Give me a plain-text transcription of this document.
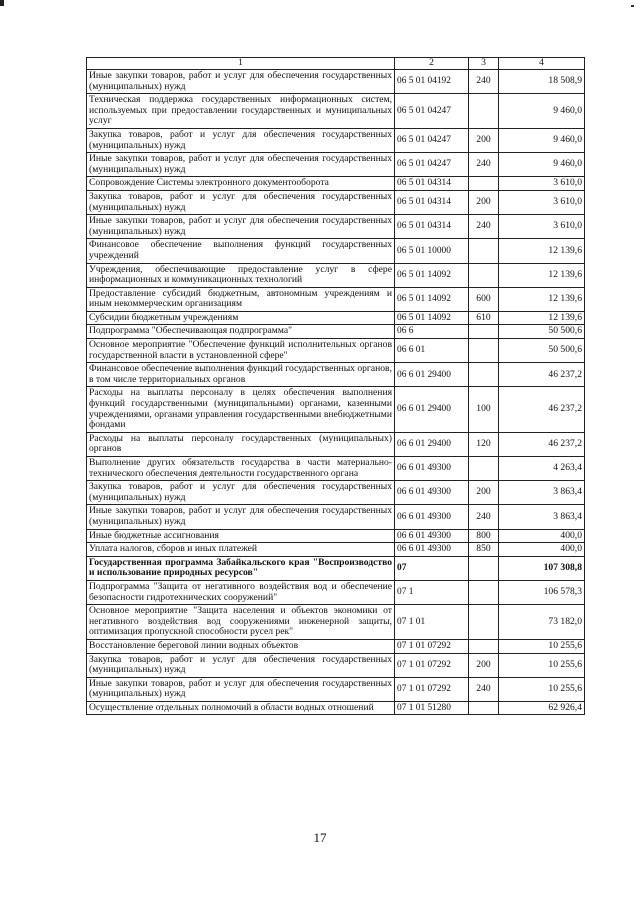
1	2	3	4
Иные закупки товаров, работ и услуг для обеспечения государственных (муниципальных) нужд	06 5 01 04192	240	18 508,9
Техническая поддержка государственных информационных систем, используемых при предоставлении государственных и муниципальных услуг	06 5 01 04247		9 460,0
Закупка товаров, работ и услуг для обеспечения государственных (муниципальных) нужд	06 5 01 04247	200	9 460,0
Иные закупки товаров, работ и услуг для обеспечения государственных (муниципальных) нужд	06 5 01 04247	240	9 460,0
Сопровождение Системы электронного документооборота	06 5 01 04314		3 610,0
Закупка товаров, работ и услуг для обеспечения государственных (муниципальных) нужд	06 5 01 04314	200	3 610,0
Иные закупки товаров, работ и услуг для обеспечения государственных (муниципальных) нужд	06 5 01 04314	240	3 610,0
Финансовое обеспечение выполнения функций государственных учреждений	06 5 01 10000		12 139,6
Учреждения, обеспечивающие предоставление услуг в сфере информационных и коммуникационных технологий	06 5 01 14092		12 139,6
Предоставление субсидий бюджетным, автономным учреждениям и иным некоммерческим организациям	06 5 01 14092	600	12 139,6
Субсидии бюджетным учреждениям	06 5 01 14092	610	12 139,6
Подпрограмма "Обеспечивающая подпрограмма"	06 6		50 500,6
Основное мероприятие "Обеспечение функций исполнительных органов государственной власти в установленной сфере"	06 6 01		50 500,6
Финансовое обеспечение выполнения функций государственных органов, в том числе территориальных органов	06 6 01 29400		46 237,2
Расходы на выплаты персоналу в целях обеспечения выполнения функций государственными (муниципальными) органами, казенными учреждениями, органами управления государственными внебюджетными фондами	06 6 01 29400	100	46 237,2
Расходы на выплаты персоналу государственных (муниципальных) органов	06 6 01 29400	120	46 237,2
Выполнение других обязательств государства в части материально-технического обеспечения деятельности государственного органа	06 6 01 49300		4 263,4
Закупка товаров, работ и услуг для обеспечения государственных (муниципальных) нужд	06 6 01 49300	200	3 863,4
Иные закупки товаров, работ и услуг для обеспечения государственных (муниципальных) нужд	06 6 01 49300	240	3 863,4
Иные бюджетные ассигнования	06 6 01 49300	800	400,0
Уплата налогов, сборов и иных платежей	06 6 01 49300	850	400,0
Государственная программа Забайкальского края "Воспроизводство и использование природных ресурсов"	07		107 308,8
Подпрограмма "Защита от негативного воздействия вод и обеспечение безопасности гидротехнических сооружений"	07 1		106 578,3
Основное мероприятие "Защита населения и объектов экономики от негативного воздействия вод сооружениями инженерной защиты, оптимизация пропускной способности русел рек"	07 1 01		73 182,0
Восстановление береговой линии водных объектов	07 1 01 07292		10 255,6
Закупка товаров, работ и услуг для обеспечения государственных (муниципальных) нужд	07 1 01 07292	200	10 255,6
Иные закупки товаров, работ и услуг для обеспечения государственных (муниципальных) нужд	07 1 01 07292	240	10 255,6
Осуществление отдельных полномочий в области водных отношений	07 1 01 51280		62 926,4
17
